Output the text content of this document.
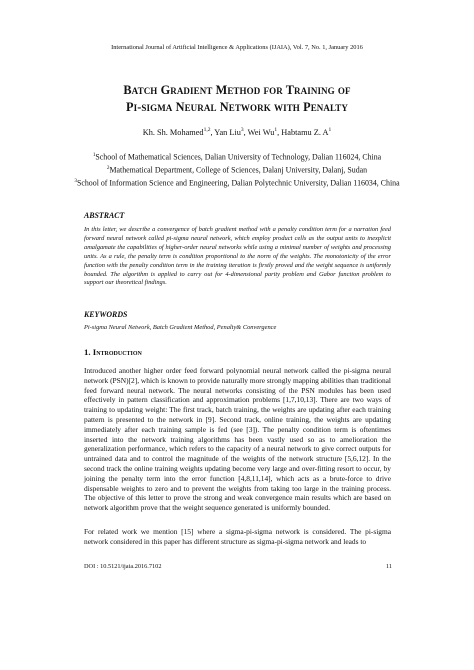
International Journal of Artificial Intelligence & Applications (IJAIA), Vol. 7, No. 1, January 2016
Batch Gradient Method for Training of
Pi-sigma Neural Network with Penalty
Kh. Sh. Mohamed$^{1,2}$, Yan Liu$^3$, Wei Wu$^1$, Habtamu Z. $A^1$
$^1$School of Mathematical Sciences, Dalian University of Technology, Dalian 116024, China
$^2$Mathematical Department, College of Sciences, Dalanj University, Dalanj, Sudan
$^3$School of Information Science and Engineering, Dalian Polytechnic University, Dalian 116034, China
ABSTRACT
In this letter, we describe a convergence of batch gradient method with a penalty condition term for a narration feed forward neural network called pi-sigma neural network, which employ product cells as the output units to inexplicit amalgamate the capabilities of higher-order neural networks while using a minimal number of weights and processing units. As a rule, the penalty term is condition proportional to the norm of the weights. The monotonicity of the error function with the penalty condition term in the training iteration is firstly proved and the weight sequence is uniformly bounded. The algorithm is applied to carry out for 4-dimensional parity problem and Gabor function problem to support our theoretical findings.
KEYWORDS
Pi-sigma Neural Network, Batch Gradient Method, Penalty& Convergence
1. Introduction
Introduced another higher order feed forward polynomial neural network called the pi-sigma neural network (PSN)[2], which is known to provide naturally more strongly mapping abilities than traditional feed forward neural network. The neural networks consisting of the PSN modules has been used effectively in pattern classification and approximation problems [1,7,10,13]. There are two ways of training to updating weight: The first track, batch training, the weights are updating after each training pattern is presented to the network in [9]. Second track, online training, the weights are updating immediately after each training sample is fed (see [3]). The penalty condition term is oftentimes inserted into the network training algorithms has been vastly used so as to amelioration the generalization performance, which refers to the capacity of a neural network to give correct outputs for untrained data and to control the magnitude of the weights of the network structure [5,6,12]. In the second track the online training weights updating become very large and over-fitting resort to occur, by joining the penalty term into the error function [4,8,11,14], which acts as a brute-force to drive dispensable weights to zero and to prevent the weights from taking too large in the training process. The objective of this letter to prove the strong and weak convergence main results which are based on network algorithm prove that the weight sequence generated is uniformly bounded.
For related work we mention [15] where a sigma-pi-sigma network is considered. The pi-sigma network considered in this paper has different structure as sigma-pi-sigma network and leads to
DOI : 10.5121/ijaia.2016.7102	11
